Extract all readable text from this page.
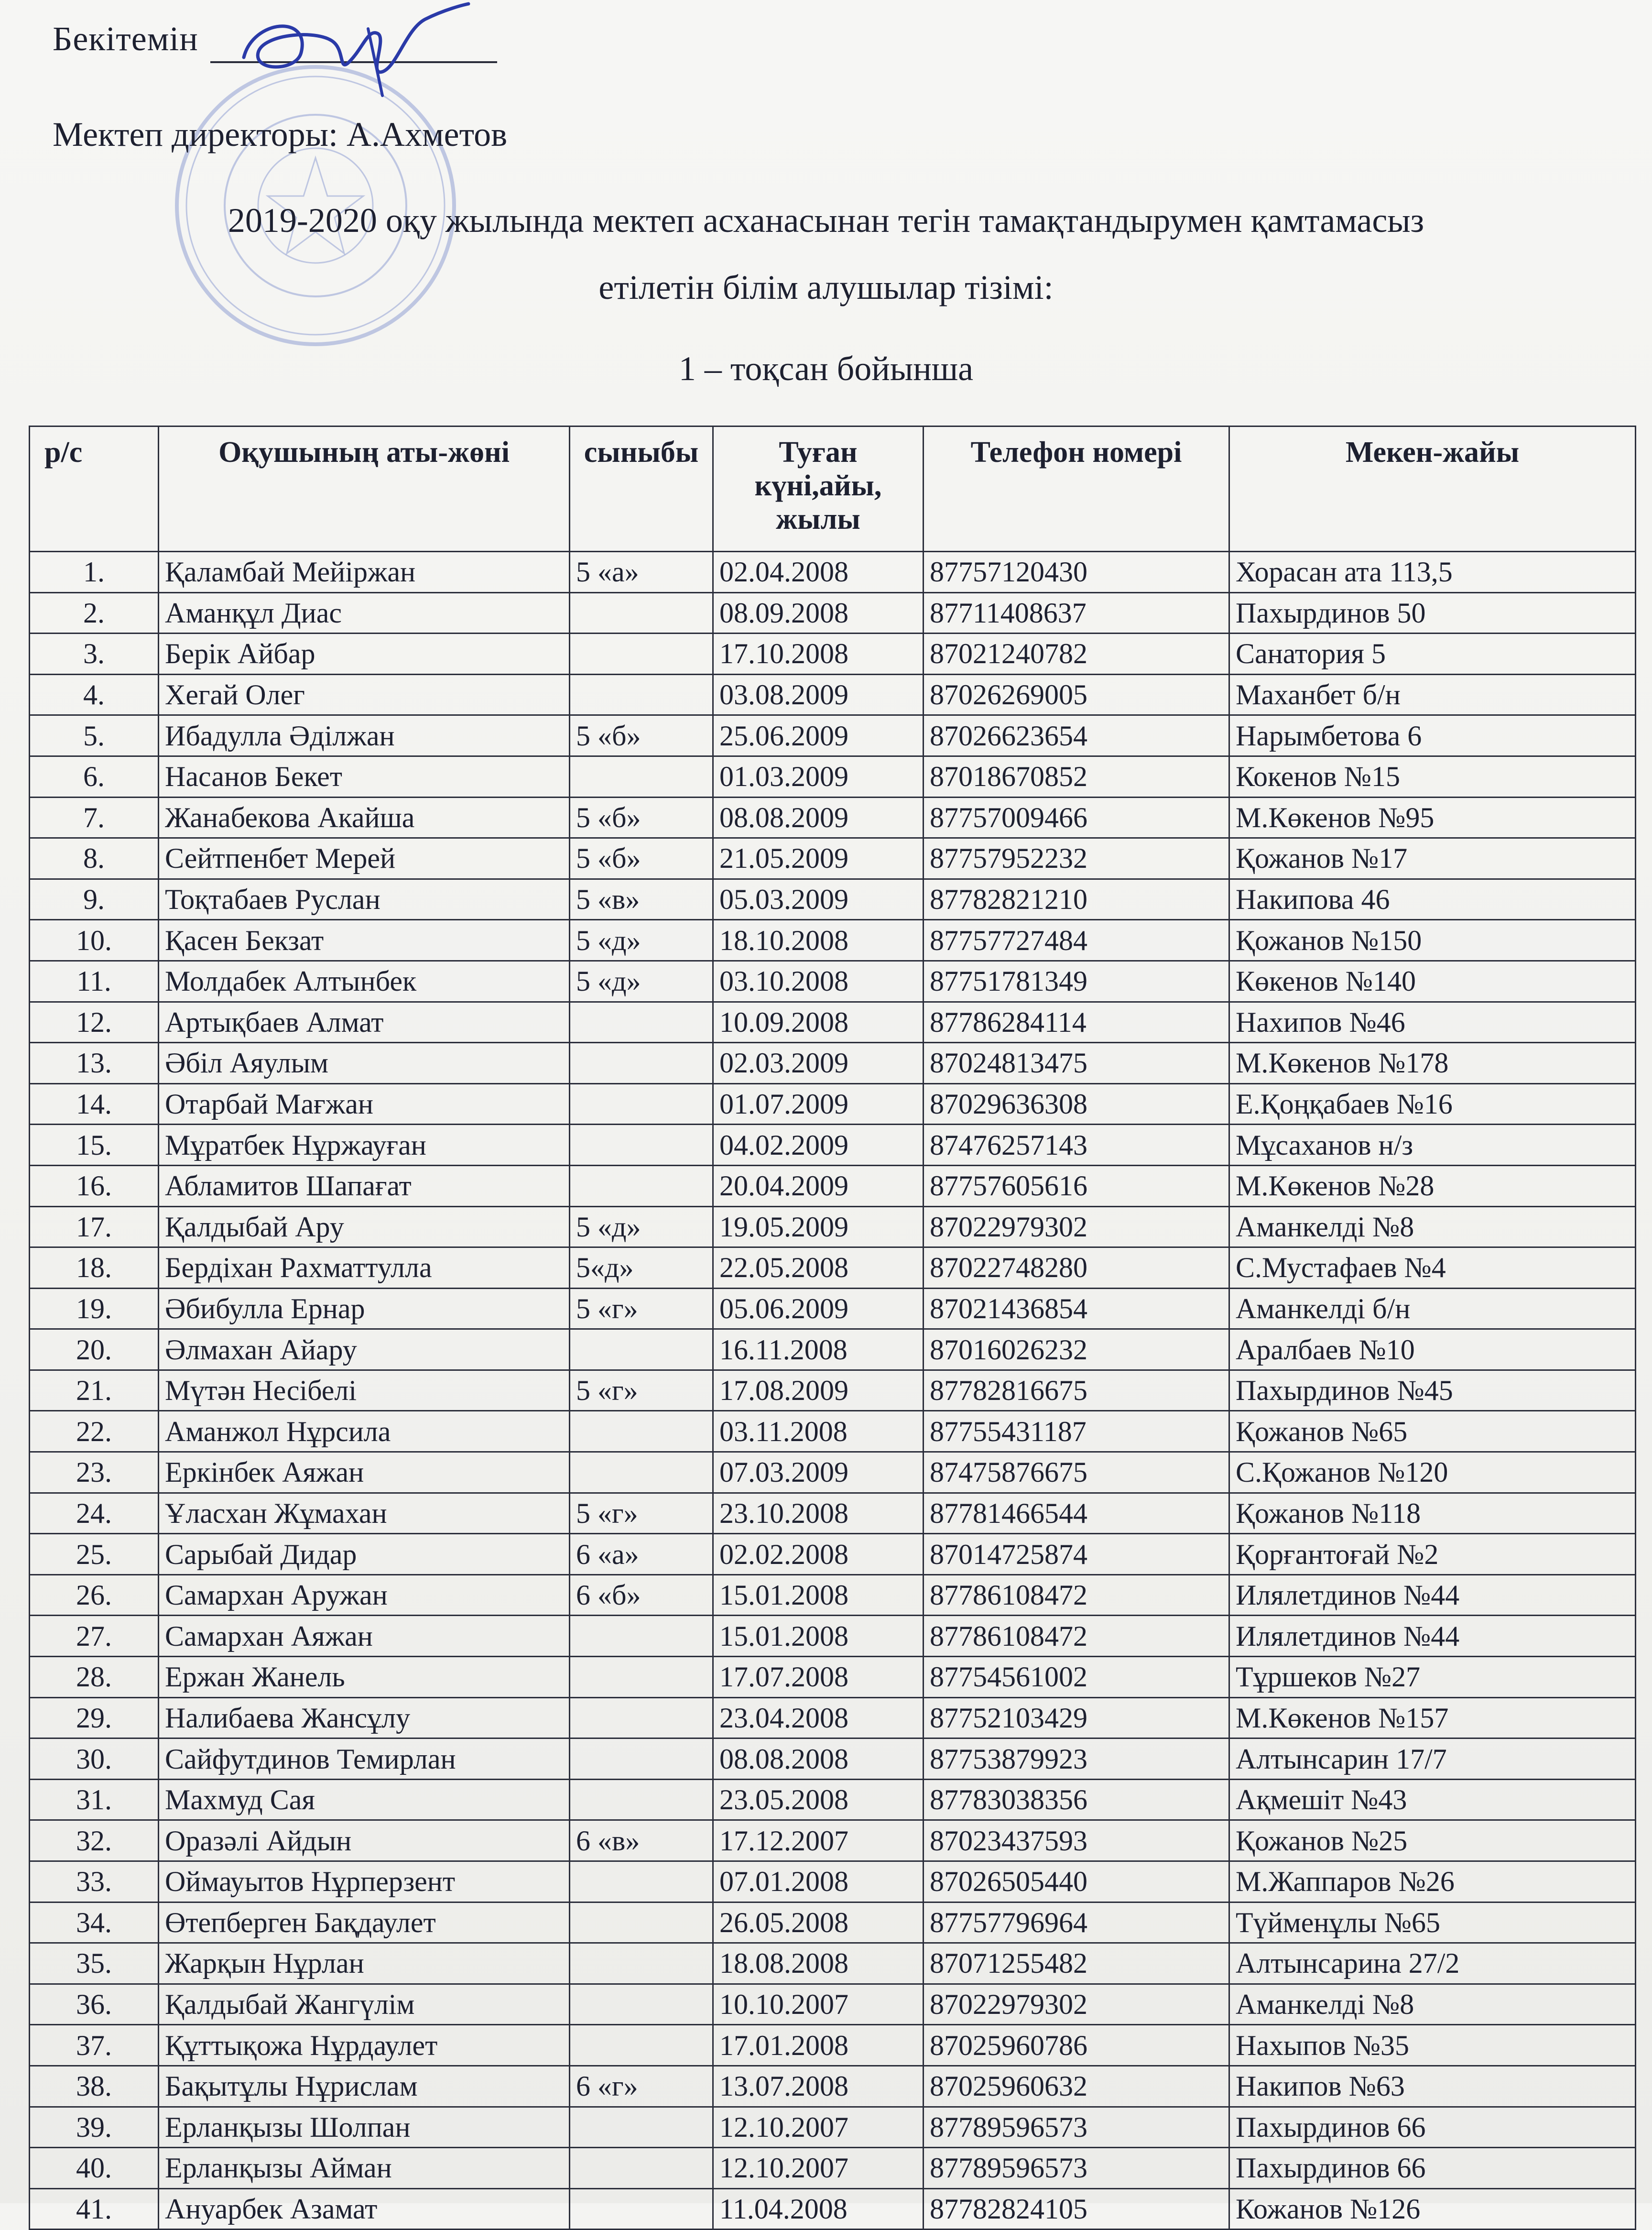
Бекітемін
Мектеп директоры: А.Ахметов
2019-2020 оқу жылында мектеп асханасынан тегін тамақтандырумен қамтамасыз
етілетін білім алушылар тізімі:
1 – тоқсан бойынша
р/с	Оқушының аты-жөні	сыныбы	Туған күні,айы, жылы	Телефон номері	Мекен-жайы
1.	Қаламбай Мейіржан	5 «а»	02.04.2008	87757120430	Хорасан ата 113,5
2.	Аманқұл Диас		08.09.2008	87711408637	Пахырдинов 50
3.	Берік Айбар		17.10.2008	87021240782	Санатория 5
4.	Хегай Олег		03.08.2009	87026269005	Маханбет б/н
5.	Ибадулла Әділжан	5 «б»	25.06.2009	87026623654	Нарымбетова 6
6.	Насанов Бекет		01.03.2009	87018670852	Кокенов №15
7.	Жанабекова Акайша	5 «б»	08.08.2009	87757009466	М.Көкенов №95
8.	Сейтпенбет Мерей	5 «б»	21.05.2009	87757952232	Қожанов №17
9.	Тоқтабаев Руслан	5 «в»	05.03.2009	87782821210	Накипова 46
10.	Қасен Бекзат	5 «д»	18.10.2008	87757727484	Қожанов №150
11.	Молдабек Алтынбек	5 «д»	03.10.2008	87751781349	Көкенов №140
12.	Артықбаев Алмат		10.09.2008	87786284114	Нахипов №46
13.	Әбіл Аяулым		02.03.2009	87024813475	М.Көкенов №178
14.	Отарбай Мағжан		01.07.2009	87029636308	Е.Қоңқабаев №16
15.	Мұратбек Нұржауған		04.02.2009	87476257143	Мұсаханов н/з
16.	Абламитов Шапағат		20.04.2009	87757605616	М.Көкенов №28
17.	Қалдыбай Ару	5 «д»	19.05.2009	87022979302	Аманкелді №8
18.	Бердіхан Рахматтулла	5«д»	22.05.2008	87022748280	С.Мустафаев №4
19.	Әбибулла Ернар	5 «г»	05.06.2009	87021436854	Аманкелді б/н
20.	Әлмахан Айару		16.11.2008	87016026232	Аралбаев №10
21.	Мүтән Несібелі	5 «г»	17.08.2009	87782816675	Пахырдинов №45
22.	Аманжол Нұрсила		03.11.2008	87755431187	Қожанов №65
23.	Еркінбек Аяжан		07.03.2009	87475876675	С.Қожанов №120
24.	Ұласхан Жұмахан	5 «г»	23.10.2008	87781466544	Қожанов №118
25.	Сарыбай Дидар	6 «а»	02.02.2008	87014725874	Қорғантоғай №2
26.	Самархан Аружан	6 «б»	15.01.2008	87786108472	Илялетдинов №44
27.	Самархан Аяжан		15.01.2008	87786108472	Илялетдинов №44
28.	Ержан Жанель		17.07.2008	87754561002	Тұршеков №27
29.	Налибаева Жансұлу		23.04.2008	87752103429	М.Көкенов №157
30.	Сайфутдинов Темирлан		08.08.2008	87753879923	Алтынсарин 17/7
31.	Махмуд Сая		23.05.2008	87783038356	Ақмешіт №43
32.	Оразәлі Айдын	6 «в»	17.12.2007	87023437593	Қожанов №25
33.	Оймауытов Нұрперзент		07.01.2008	87026505440	М.Жаппаров №26
34.	Өтепберген Бақдаулет		26.05.2008	87757796964	Түйменұлы №65
35.	Жарқын Нұрлан		18.08.2008	87071255482	Алтынсарина 27/2
36.	Қалдыбай Жангүлім		10.10.2007	87022979302	Аманкелді №8
37.	Құттықожа Нұрдаулет		17.01.2008	87025960786	Нахыпов №35
38.	Бақытұлы Нұрислам	6 «г»	13.07.2008	87025960632	Накипов №63
39.	Ерланқызы Шолпан		12.10.2007	87789596573	Пахырдинов 66
40.	Ерланқызы Айман		12.10.2007	87789596573	Пахырдинов 66
41.	Ануарбек Азамат		11.04.2008	87782824105	Кожанов №126
